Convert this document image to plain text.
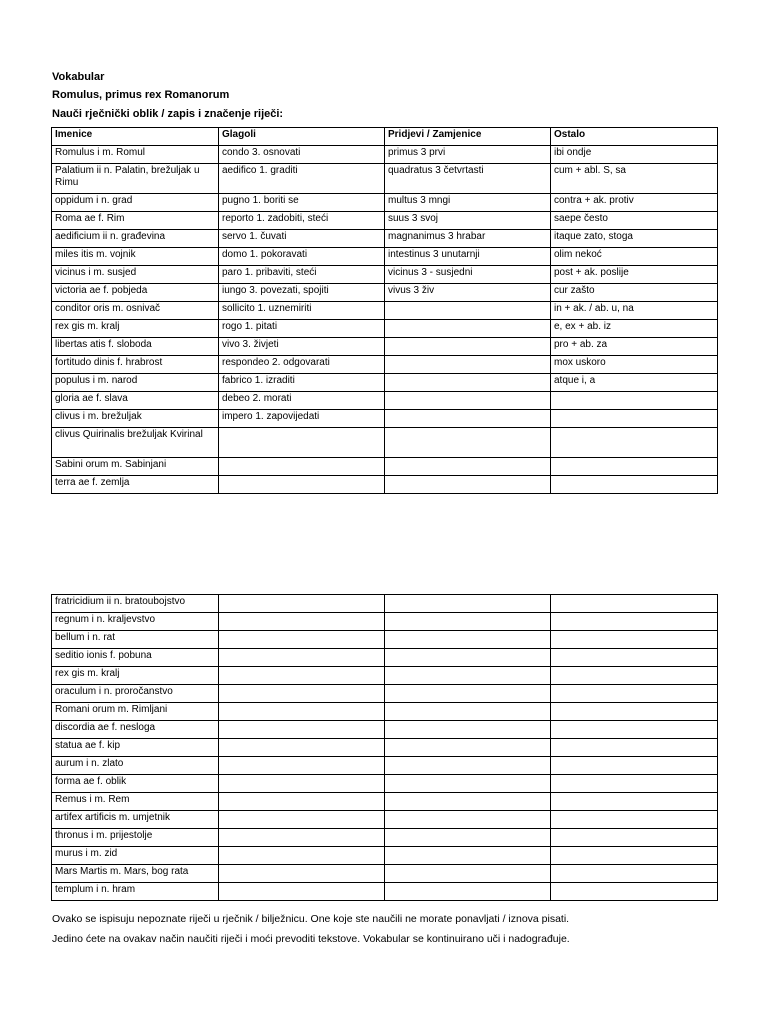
Vokabular
Romulus, primus rex Romanorum
Nauči rječnički oblik / zapis i značenje riječi:
Imenice	Glagoli	Pridjevi / Zamjenice	Ostalo
Romulus i m. Romul	condo 3. osnovati	primus 3 prvi	ibi ondje
Palatium ii n. Palatin, brežuljak u Rimu	aedifico 1. graditi	quadratus 3 četvrtasti	cum + abl. S, sa
oppidum i n. grad	pugno 1. boriti se	multus 3 mngi	contra + ak. protiv
Roma ae f. Rim	reporto 1. zadobiti, steći	suus 3 svoj	saepe često
aedificium ii n. građevina	servo 1. čuvati	magnanimus 3 hrabar	itaque zato, stoga
miles itis m. vojnik	domo 1. pokoravati	intestinus 3 unutarnji	olim nekoć
vicinus i m. susjed	paro 1. pribaviti, steći	vicinus 3 - susjedni	post + ak. poslije
victoria ae f. pobjeda	iungo 3. povezati, spojiti	vivus 3 živ	cur zašto
conditor oris m. osnivač	sollicito 1. uznemiriti		in + ak. / ab. u, na
rex gis m. kralj	rogo 1. pitati		e, ex + ab. iz
libertas atis f. sloboda	vivo 3. živjeti		pro + ab. za
fortitudo dinis f. hrabrost	respondeo 2. odgovarati		mox uskoro
populus i m. narod	fabrico 1. izraditi		atque i, a
gloria ae f. slava	debeo 2. morati		
clivus i m. brežuljak	impero 1. zapovijedati		
clivus Quirinalis brežuljak Kvirinal			
Sabini orum m. Sabinjani			
terra ae f. zemlja			
fratricidium ii n. bratoubojstvo			
regnum i n. kraljevstvo			
bellum i n. rat			
seditio ionis f. pobuna			
rex gis m. kralj			
oraculum i n. proročanstvo			
Romani orum m. Rimljani			
discordia ae f. nesloga			
statua ae f. kip			
aurum i n. zlato			
forma ae f. oblik			
Remus i m. Rem			
artifex artificis m. umjetnik			
thronus i m. prijestolje			
murus i m. zid			
Mars Martis m. Mars, bog rata			
templum i n. hram			
Ovako se ispisuju nepoznate riječi u rječnik / bilježnicu. One koje ste naučili ne morate ponavljati / iznova pisati.
Jedino ćete na ovakav način naučiti riječi i moći prevoditi tekstove. Vokabular se kontinuirano uči i nadograđuje.
